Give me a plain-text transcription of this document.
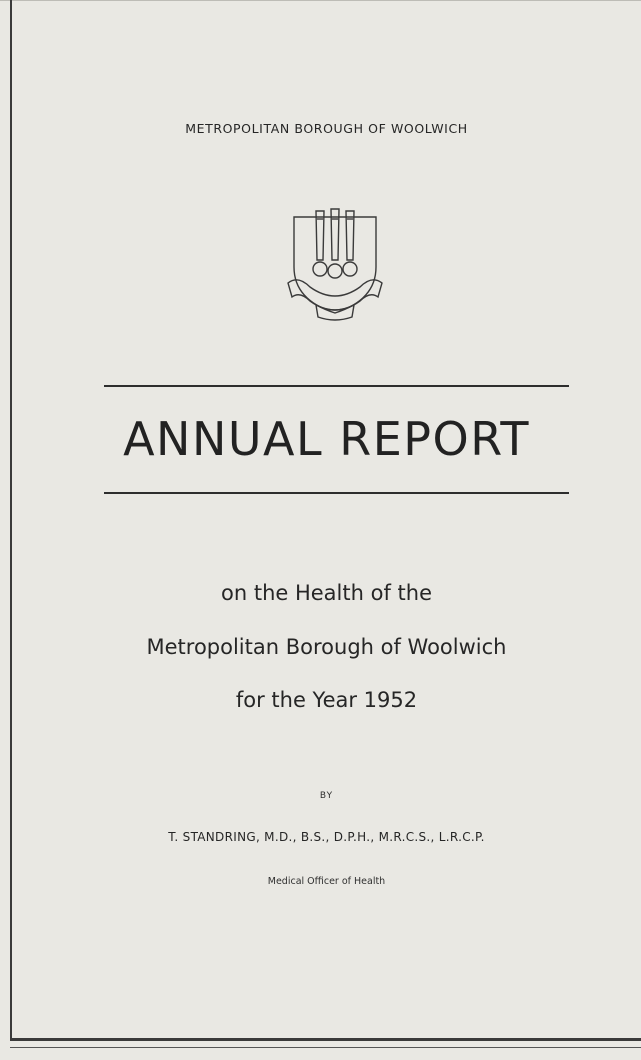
METROPOLITAN BOROUGH OF WOOLWICH
ANNUAL REPORT
on the Health of the
Metropolitan Borough of Woolwich
for the Year 1952
BY
T. STANDRING, M.D., B.S., D.P.H., M.R.C.S., L.R.C.P.
Medical Officer of Health
